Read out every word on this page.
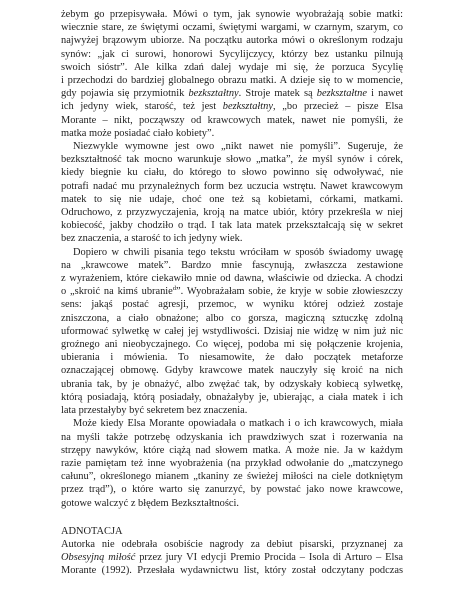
żebym go przepisywała. Mówi o tym, jak synowie wyobrażają sobie matki:
wiecznie stare, ze świętymi oczami, świętymi wargami, w czarnym, szarym, co
najwyżej brązowym ubiorze. Na początku autorka mówi o określonym rodzaju
synów: „jak ci surowi, honorowi Sycylijczycy, którzy bez ustanku pilnują
swoich sióstr”. Ale kilka zdań dalej wydaje mi się, że porzuca Sycylię
i przechodzi do bardziej globalnego obrazu matki. A dzieje się to w momencie,
gdy pojawia się przymiotnik bezkształtny. Stroje matek są bezkształtne i nawet
ich jedyny wiek, starość, też jest bezkształtny, „bo przecież – pisze Elsa
Morante – nikt, począwszy od krawcowych matek, nawet nie pomyśli, że
matka może posiadać ciało kobiety”.

Niezwykle wymowne jest owo „nikt nawet nie pomyśli”. Sugeruje, że
bezkształtność tak mocno warunkuje słowo „matka”, że myśl synów i córek,
kiedy biegnie ku ciału, do którego to słowo powinno się odwoływać, nie
potrafi nadać mu przynależnych form bez uczucia wstrętu. Nawet krawcowym
matek to się nie udaje, choć one też są kobietami, córkami, matkami.
Odruchowo, z przyzwyczajenia, kroją na matce ubiór, który przekreśla w niej
kobiecość, jakby chodziło o trąd. I tak lata matek przekształcają się w sekret
bez znaczenia, a starość to ich jedyny wiek.

Dopiero w chwili pisania tego tekstu wróciłam w sposób świadomy uwagę
na „krawcowe matek”. Bardzo mnie fascynują, zwłaszcza zestawione
z wyrażeniem, które ciekawiło mnie od dawna, właściwie od dziecka. A chodzi
o „skroić na kimś ubranie$^d$”. Wyobrażałam sobie, że kryje w sobie złowieszczy
sens: jakąś postać agresji, przemoc, w wyniku której odzież zostaje
zniszczona, a ciało obnażone; albo co gorsza, magiczną sztuczkę zdolną
uformować sylwetkę w całej jej wstydliwości. Dzisiaj nie widzę w nim już nic
groźnego ani nieobyczajnego. Co więcej, podoba mi się połączenie krojenia,
ubierania i mówienia. To niesamowite, że dało początek metaforze
oznaczającej obmowę. Gdyby krawcowe matek nauczyły się kroić na nich
ubrania tak, by je obnażyć, albo zwężać tak, by odzyskały kobiecą sylwetkę,
którą posiadają, którą posiadały, obnażałyby je, ubierając, a ciała matek i ich
lata przestałyby być sekretem bez znaczenia.

Może kiedy Elsa Morante opowiadała o matkach i o ich krawcowych, miała
na myśli także potrzebę odzyskania ich prawdziwych szat i rozerwania na
strzępy nawyków, które ciążą nad słowem matka. A może nie. Ja w każdym
razie pamiętam też inne wyobrażenia (na przykład odwołanie do „matczynego
całunu”, określonego mianem „tkaniny ze świeżej miłości na ciele dotkniętym
przez trąd”), o które warto się zanurzyć, by powstać jako nowe krawcowe,
gotowe walczyć z błędem Bezkształtności.

ADNOTACJA

Autorka nie odebrała osobiście nagrody za debiut pisarski, przyznanej za
Obsesyjną miłość przez jury VI edycji Premio Procida – Isola di Arturo – Elsa
Morante (1992). Przesłała wydawnictwu list, który został odczytany podczas
